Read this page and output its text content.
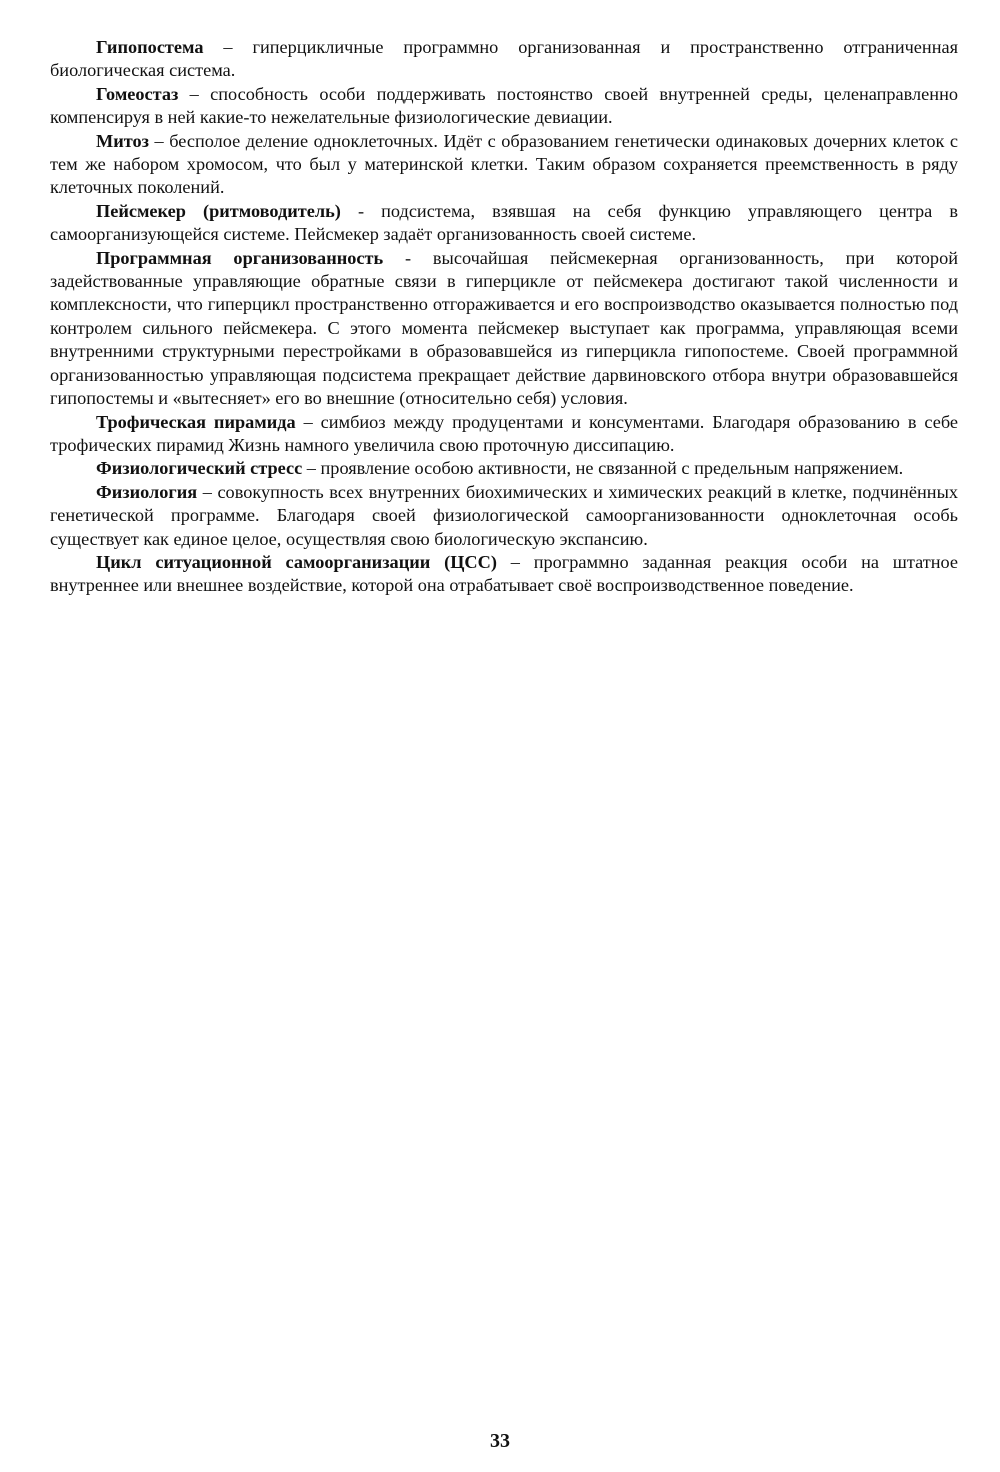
Гипопостема – гиперцикличные программно организованная и пространственно отграниченная биологическая система.

Гомеостаз – способность особи поддерживать постоянство своей внутренней среды, целенаправленно компенсируя в ней какие-то нежелательные физиологические девиации.

Митоз – бесполое деление одноклеточных. Идёт с образованием генетически одинаковых дочерних клеток с тем же набором хромосом, что был у материнской клетки. Таким образом сохраняется преемственность в ряду клеточных поколений.

Пейсмекер (ритмоводитель) - подсистема, взявшая на себя функцию управляющего центра в самоорганизующейся системе. Пейсмекер задаёт организованность своей системе.

Программная организованность - высочайшая пейсмекерная организованность, при которой задействованные управляющие обратные связи в гиперцикле от пейсмекера достигают такой численности и комплексности, что гиперцикл пространственно отгораживается и его воспроизводство оказывается полностью под контролем сильного пейсмекера. С этого момента пейсмекер выступает как программа, управляющая всеми внутренними структурными перестройками в образовавшейся из гиперцикла гипопостеме. Своей программной организованностью управляющая подсистема прекращает действие дарвиновского отбора внутри образовавшейся гипопостемы и «вытесняет» его во внешние (относительно себя) условия.

Трофическая пирамида – симбиоз между продуцентами и консументами. Благодаря образованию в себе трофических пирамид Жизнь намного увеличила свою проточную диссипацию.

Физиологический стресс – проявление особою активности, не связанной с предельным напряжением.

Физиология – совокупность всех внутренних биохимических и химических реакций в клетке, подчинённых генетической программе. Благодаря своей физиологической самоорганизованности одноклеточная особь существует как единое целое, осуществляя свою биологическую экспансию.

Цикл ситуационной самоорганизации (ЦСС) – программно заданная реакция особи на штатное внутреннее или внешнее воздействие, которой она отрабатывает своё воспроизводственное поведение.

33
